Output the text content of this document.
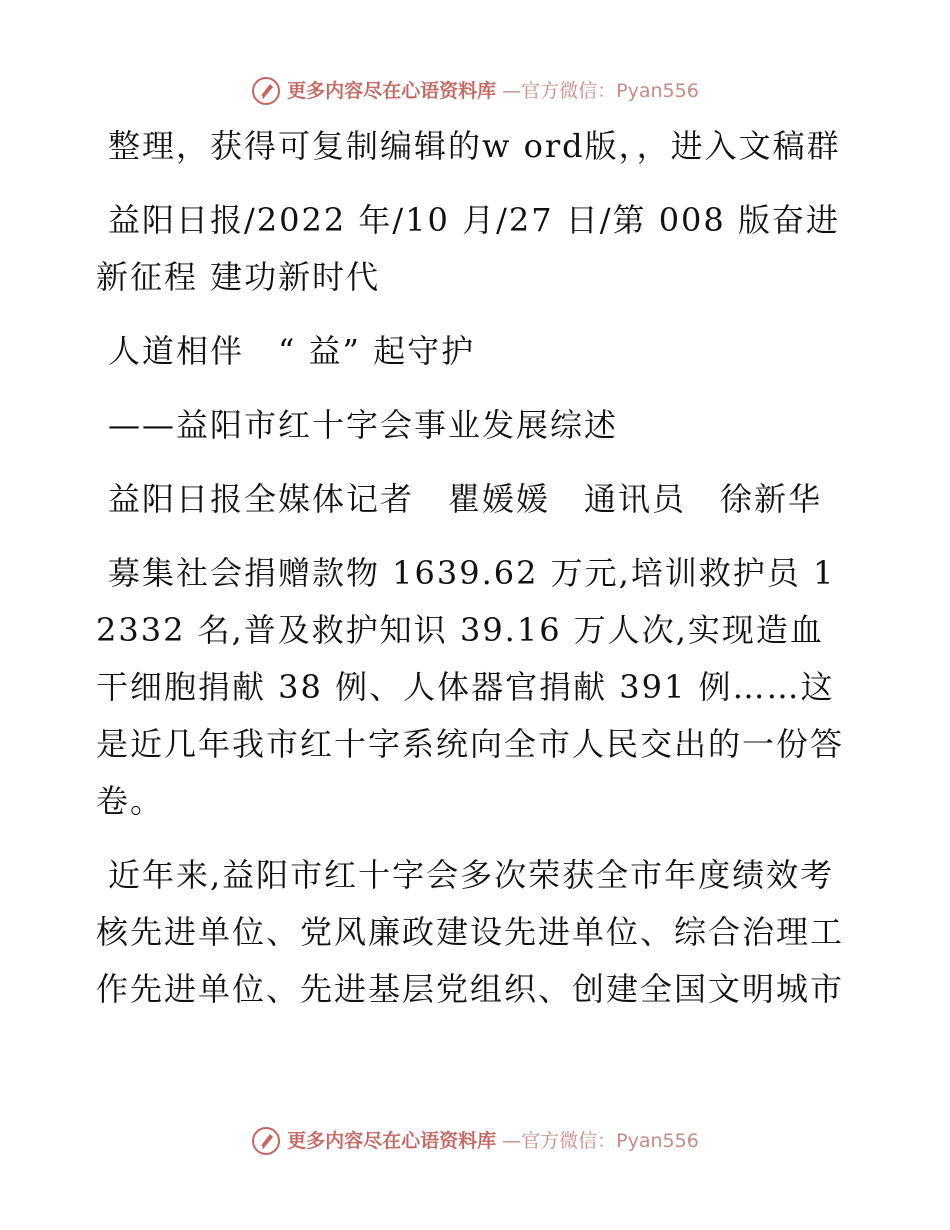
更多内容尽在心语资料库 —官方微信：Pyan556

整理，获得可复制编辑的w ord版，，进入文稿群

益阳日报/2022 年/10 月/27 日/第 008 版奋进新征程 建功新时代

人道相伴　“ 益” 起守护

——益阳市红十字会事业发展综述

益阳日报全媒体记者　瞿媛媛　通讯员　徐新华

募集社会捐赠款物 1639.62 万元,培训救护员 12332 名,普及救护知识 39.16 万人次,实现造血干细胞捐献 38 例、人体器官捐献 391 例……这是近几年我市红十字系统向全市人民交出的一份答卷。

近年来,益阳市红十字会多次荣获全市年度绩效考核先进单位、党风廉政建设先进单位、综合治理工作先进单位、先进基层党组织、创建全国文明城市

更多内容尽在心语资料库 —官方微信：Pyan556
